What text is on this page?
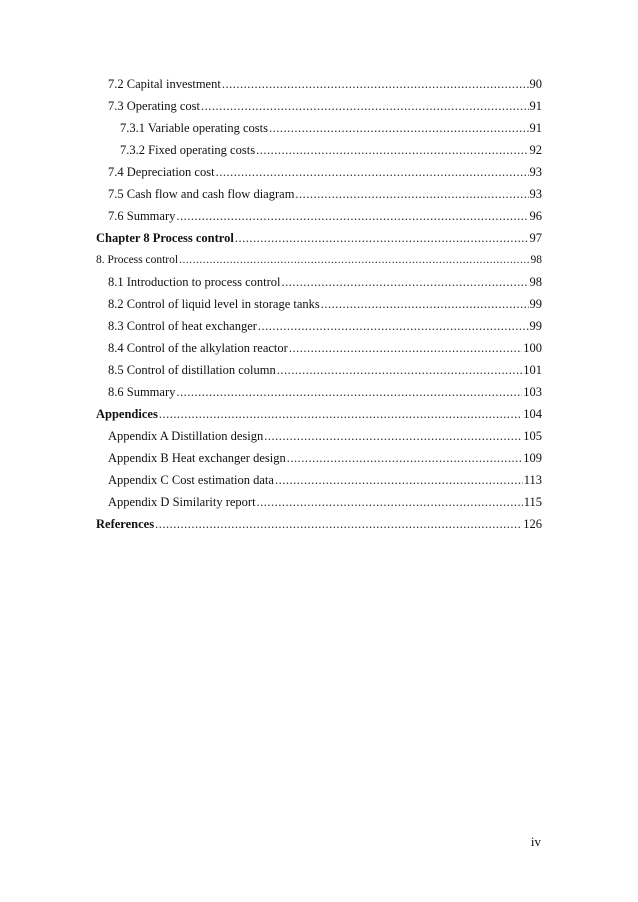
7.2 Capital investment .....	90
7.3 Operating cost .....	91
7.3.1 Variable operating costs .....	91
7.3.2 Fixed operating costs .....	92
7.4 Depreciation cost .....	93
7.5 Cash flow and cash flow diagram .....	93
7.6 Summary .....	96
Chapter 8 Process control .....	97
8. Process control .....	98
8.1 Introduction to process control .....	98
8.2 Control of liquid level in storage tanks .....	99
8.3 Control of heat exchanger .....	99
8.4 Control of the alkylation reactor .....	100
8.5 Control of distillation column .....	101
8.6 Summary .....	103
Appendices .....	104
Appendix A Distillation design .....	105
Appendix B Heat exchanger design .....	109
Appendix C Cost estimation data .....	113
Appendix D Similarity report .....	115
References .....	126
iv
